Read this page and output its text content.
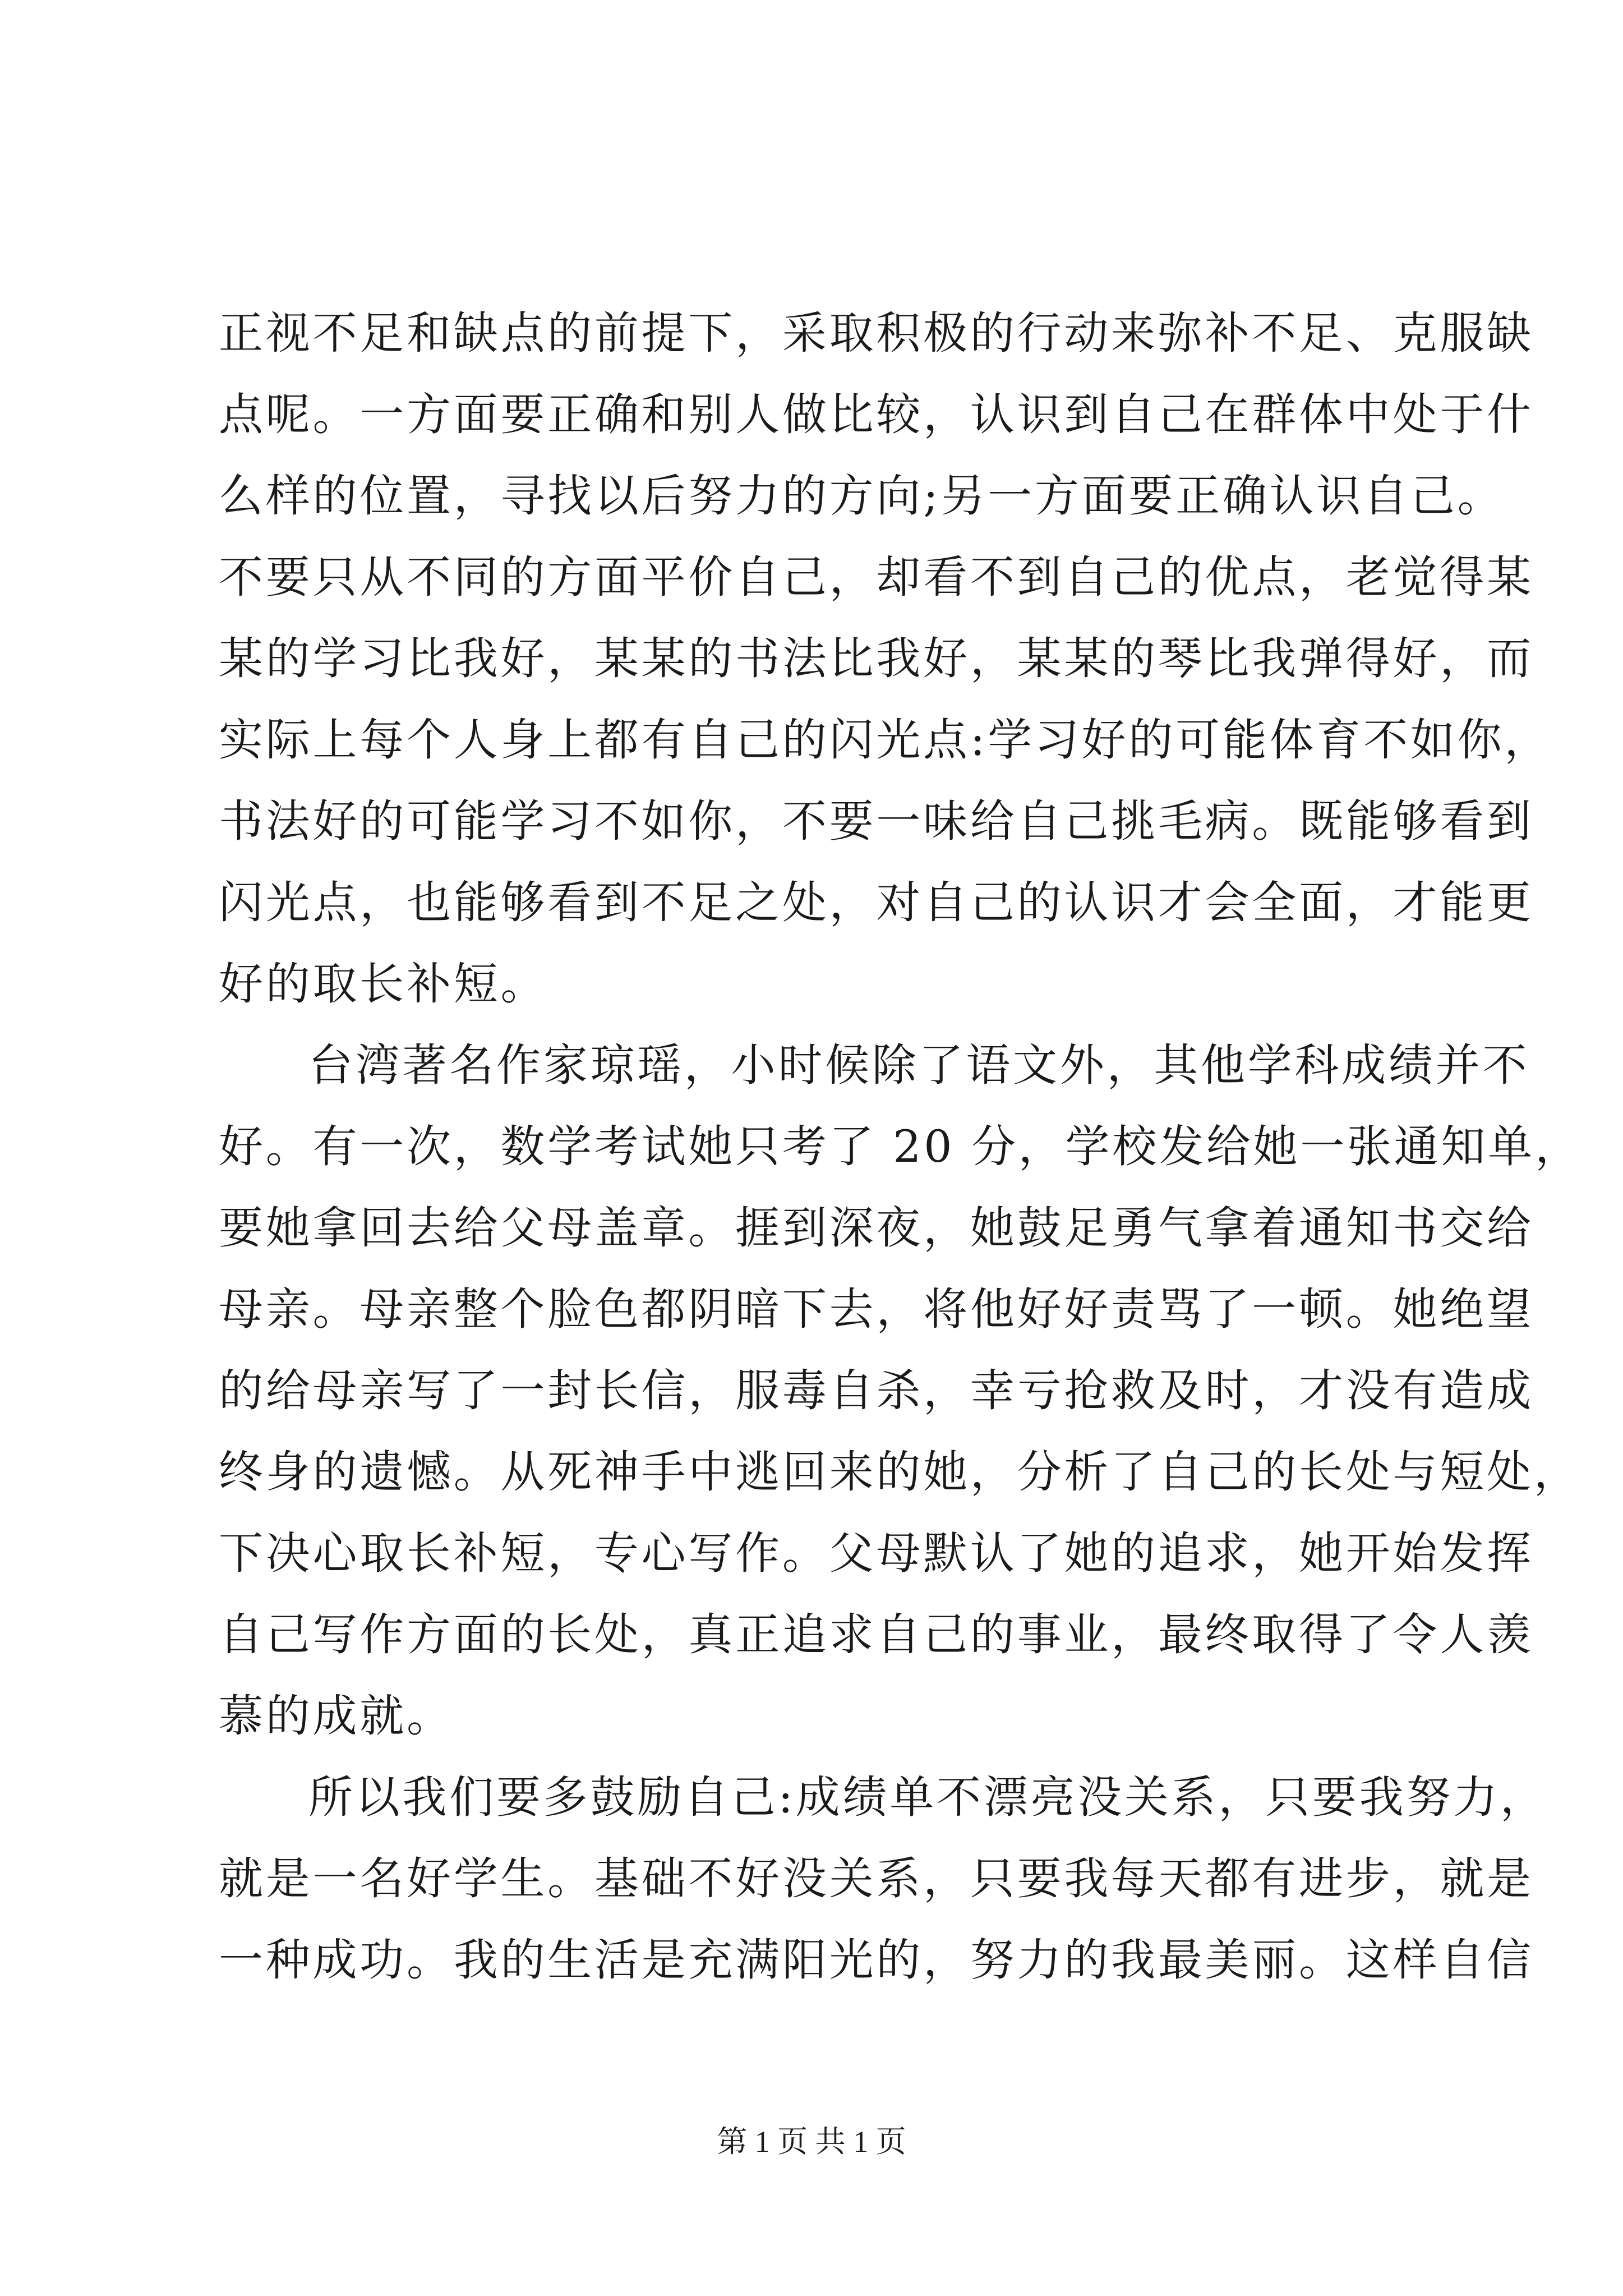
正视不足和缺点的前提下，采取积极的行动来弥补不足、克服缺
点呢。一方面要正确和别人做比较，认识到自己在群体中处于什
么样的位置，寻找以后努力的方向;另一方面要正确认识自己。
不要只从不同的方面平价自己，却看不到自己的优点，老觉得某
某的学习比我好，某某的书法比我好，某某的琴比我弹得好，而
实际上每个人身上都有自己的闪光点:学习好的可能体育不如你，
书法好的可能学习不如你，不要一味给自己挑毛病。既能够看到
闪光点，也能够看到不足之处，对自己的认识才会全面，才能更
好的取长补短。
台湾著名作家琼瑶，小时候除了语文外，其他学科成绩并不
好。有一次，数学考试她只考了 20 分，学校发给她一张通知单，
要她拿回去给父母盖章。捱到深夜，她鼓足勇气拿着通知书交给
母亲。母亲整个脸色都阴暗下去，将他好好责骂了一顿。她绝望
的给母亲写了一封长信，服毒自杀，幸亏抢救及时，才没有造成
终身的遗憾。从死神手中逃回来的她，分析了自己的长处与短处，
下决心取长补短，专心写作。父母默认了她的追求，她开始发挥
自己写作方面的长处，真正追求自己的事业，最终取得了令人羡
慕的成就。
所以我们要多鼓励自己:成绩单不漂亮没关系，只要我努力，
就是一名好学生。基础不好没关系，只要我每天都有进步，就是
一种成功。我的生活是充满阳光的，努力的我最美丽。这样自信
第 1 页 共 1 页
